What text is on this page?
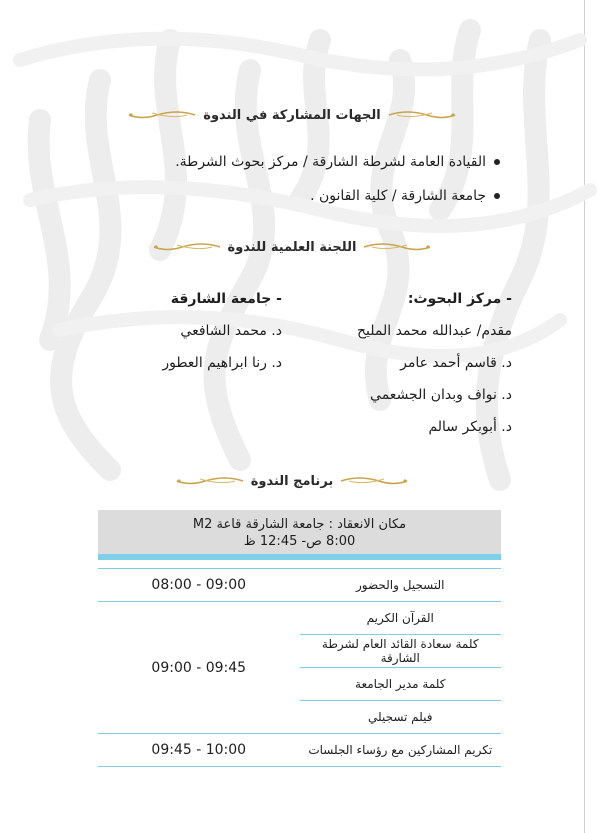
الجهات المشاركة في الندوة
القيادة العامة لشرطة الشارقة / مركز بحوث الشرطة.
جامعة الشارقة / كلية القانون .
اللجنة العلمية للندوة
- مركز البحوث:
مقدم/ عبدالله محمد المليح
د. قاسم أحمد عامر
د. نواف وبدان الجشعمي
د. أبوبكر سالم
- جامعة الشارقة
د. محمد الشافعي
د. رنا ابراهيم العطور
برنامج الندوة
مكان الانعقاد : جامعة الشارقة قاعة M2
8:00 ص- 12:45 ظ
التسجيل والحضور	08:00 - 09:00
القرآن الكريم	09:00 - 09:45
كلمة سعادة القائد العام لشرطة الشارقة	
كلمة مدير الجامعة	
فيلم تسجيلي	
تكريم المشاركين مع رؤساء الجلسات	09:45 - 10:00
